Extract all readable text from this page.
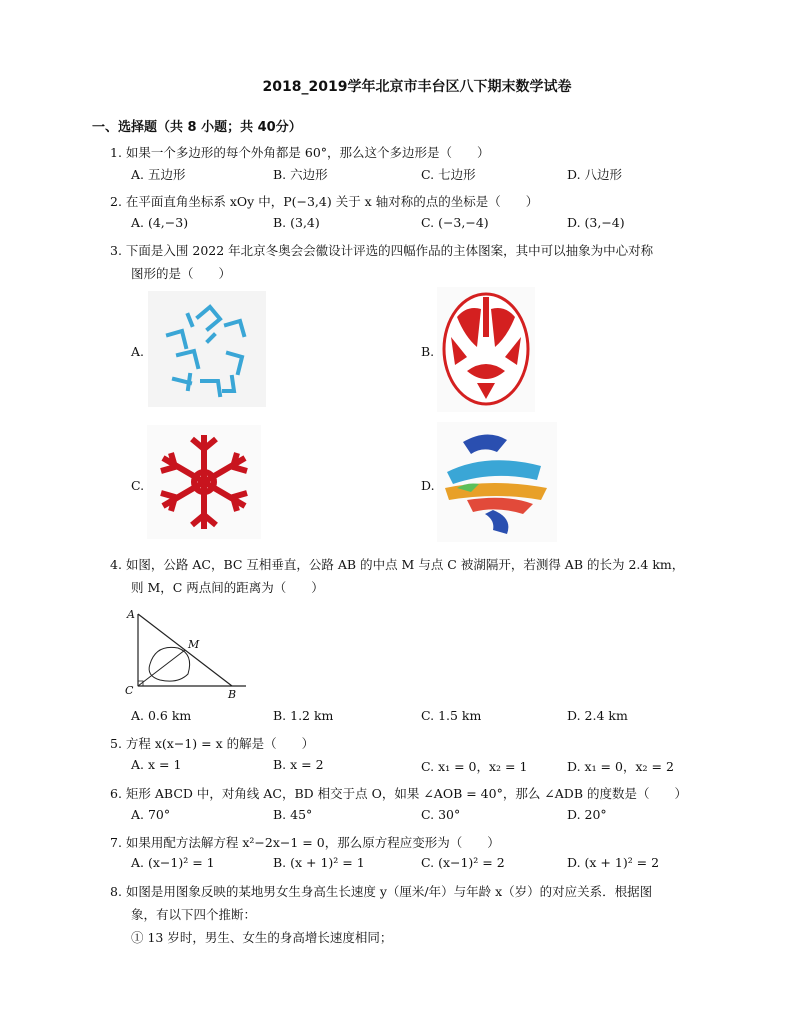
2018_2019学年北京市丰台区八下期末数学试卷
一、选择题（共 8 小题；共 40分）
1. 如果一个多边形的每个外角都是 60°，那么这个多边形是（　　）
A. 五边形	B. 六边形	C. 七边形	D. 八边形
2. 在平面直角坐标系 xOy 中，P(−3,4) 关于 x 轴对称的点的坐标是（　　）
A. (4,−3)	B. (3,4)	C. (−3,−4)	D. (3,−4)
3. 下面是入围 2022 年北京冬奥会会徽设计评选的四幅作品的主体图案，其中可以抽象为中心对称
图形的是（　　）
A.	B.
C.	D.
4. 如图，公路 AC，BC 互相垂直，公路 AB 的中点 M 与点 C 被湖隔开，若测得 AB 的长为 2.4 km，
则 M，C 两点间的距离为（　　）
A
M
C	B
A. 0.6 km	B. 1.2 km	C. 1.5 km	D. 2.4 km
5. 方程 x(x−1) = x 的解是（　　）
A. x = 1	B. x = 2	C. x₁ = 0，x₂ = 1	D. x₁ = 0，x₂ = 2
6. 矩形 ABCD 中，对角线 AC，BD 相交于点 O，如果 ∠AOB = 40°，那么 ∠ADB 的度数是（　　）
A. 70°	B. 45°	C. 30°	D. 20°
7. 如果用配方法解方程 x²−2x−1 = 0，那么原方程应变形为（　　）
A. (x−1)² = 1	B. (x + 1)² = 1	C. (x−1)² = 2	D. (x + 1)² = 2
8. 如图是用图象反映的某地男女生身高生长速度 y（厘米/年）与年龄 x（岁）的对应关系．根据图
象，有以下四个推断：
① 13 岁时，男生、女生的身高增长速度相同；
